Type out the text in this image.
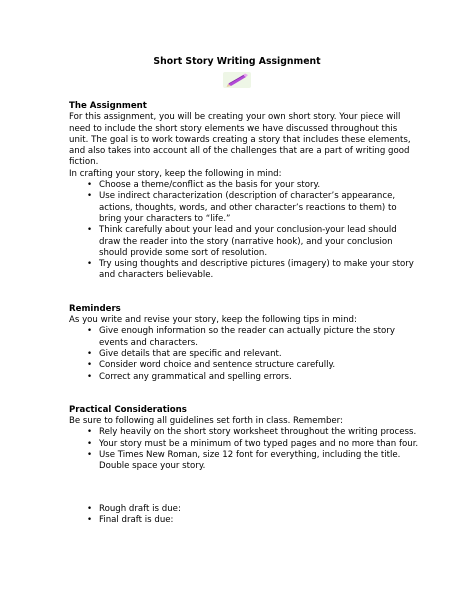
Short Story Writing Assignment
The Assignment

For this assignment, you will be creating your own short story. Your piece will need to include the short story elements we have discussed throughout this unit. The goal is to work towards creating a story that includes these elements, and also takes into account all of the challenges that are a part of writing good fiction.

In crafting your story, keep the following in mind:

• Choose a theme/conflict as the basis for your story.
• Use indirect characterization (description of character’s appearance, actions, thoughts, words, and other character’s reactions to them) to bring your characters to “life.”
• Think carefully about your lead and your conclusion-your lead should draw the reader into the story (narrative hook), and your conclusion should provide some sort of resolution.
• Try using thoughts and descriptive pictures (imagery) to make your story and characters believable.
Reminders

As you write and revise your story, keep the following tips in mind:

• Give enough information so the reader can actually picture the story events and characters.
• Give details that are specific and relevant.
• Consider word choice and sentence structure carefully.
• Correct any grammatical and spelling errors.
Practical Considerations

Be sure to following all guidelines set forth in class. Remember:

• Rely heavily on the short story worksheet throughout the writing process.
• Your story must be a minimum of two typed pages and no more than four.
• Use Times New Roman, size 12 font for everything, including the title. Double space your story.
• Rough draft is due:
• Final draft is due:
